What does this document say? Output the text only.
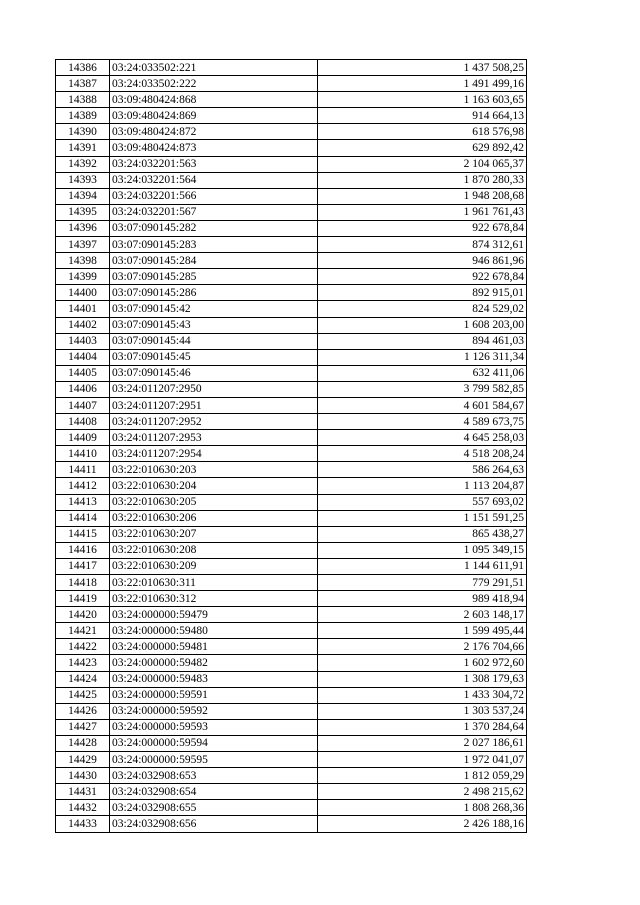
14386	03:24:033502:221	1 437 508,25
14387	03:24:033502:222	1 491 499,16
14388	03:09:480424:868	1 163 603,65
14389	03:09:480424:869	914 664,13
14390	03:09:480424:872	618 576,98
14391	03:09:480424:873	629 892,42
14392	03:24:032201:563	2 104 065,37
14393	03:24:032201:564	1 870 280,33
14394	03:24:032201:566	1 948 208,68
14395	03:24:032201:567	1 961 761,43
14396	03:07:090145:282	922 678,84
14397	03:07:090145:283	874 312,61
14398	03:07:090145:284	946 861,96
14399	03:07:090145:285	922 678,84
14400	03:07:090145:286	892 915,01
14401	03:07:090145:42	824 529,02
14402	03:07:090145:43	1 608 203,00
14403	03:07:090145:44	894 461,03
14404	03:07:090145:45	1 126 311,34
14405	03:07:090145:46	632 411,06
14406	03:24:011207:2950	3 799 582,85
14407	03:24:011207:2951	4 601 584,67
14408	03:24:011207:2952	4 589 673,75
14409	03:24:011207:2953	4 645 258,03
14410	03:24:011207:2954	4 518 208,24
14411	03:22:010630:203	586 264,63
14412	03:22:010630:204	1 113 204,87
14413	03:22:010630:205	557 693,02
14414	03:22:010630:206	1 151 591,25
14415	03:22:010630:207	865 438,27
14416	03:22:010630:208	1 095 349,15
14417	03:22:010630:209	1 144 611,91
14418	03:22:010630:311	779 291,51
14419	03:22:010630:312	989 418,94
14420	03:24:000000:59479	2 603 148,17
14421	03:24:000000:59480	1 599 495,44
14422	03:24:000000:59481	2 176 704,66
14423	03:24:000000:59482	1 602 972,60
14424	03:24:000000:59483	1 308 179,63
14425	03:24:000000:59591	1 433 304,72
14426	03:24:000000:59592	1 303 537,24
14427	03:24:000000:59593	1 370 284,64
14428	03:24:000000:59594	2 027 186,61
14429	03:24:000000:59595	1 972 041,07
14430	03:24:032908:653	1 812 059,29
14431	03:24:032908:654	2 498 215,62
14432	03:24:032908:655	1 808 268,36
14433	03:24:032908:656	2 426 188,16
